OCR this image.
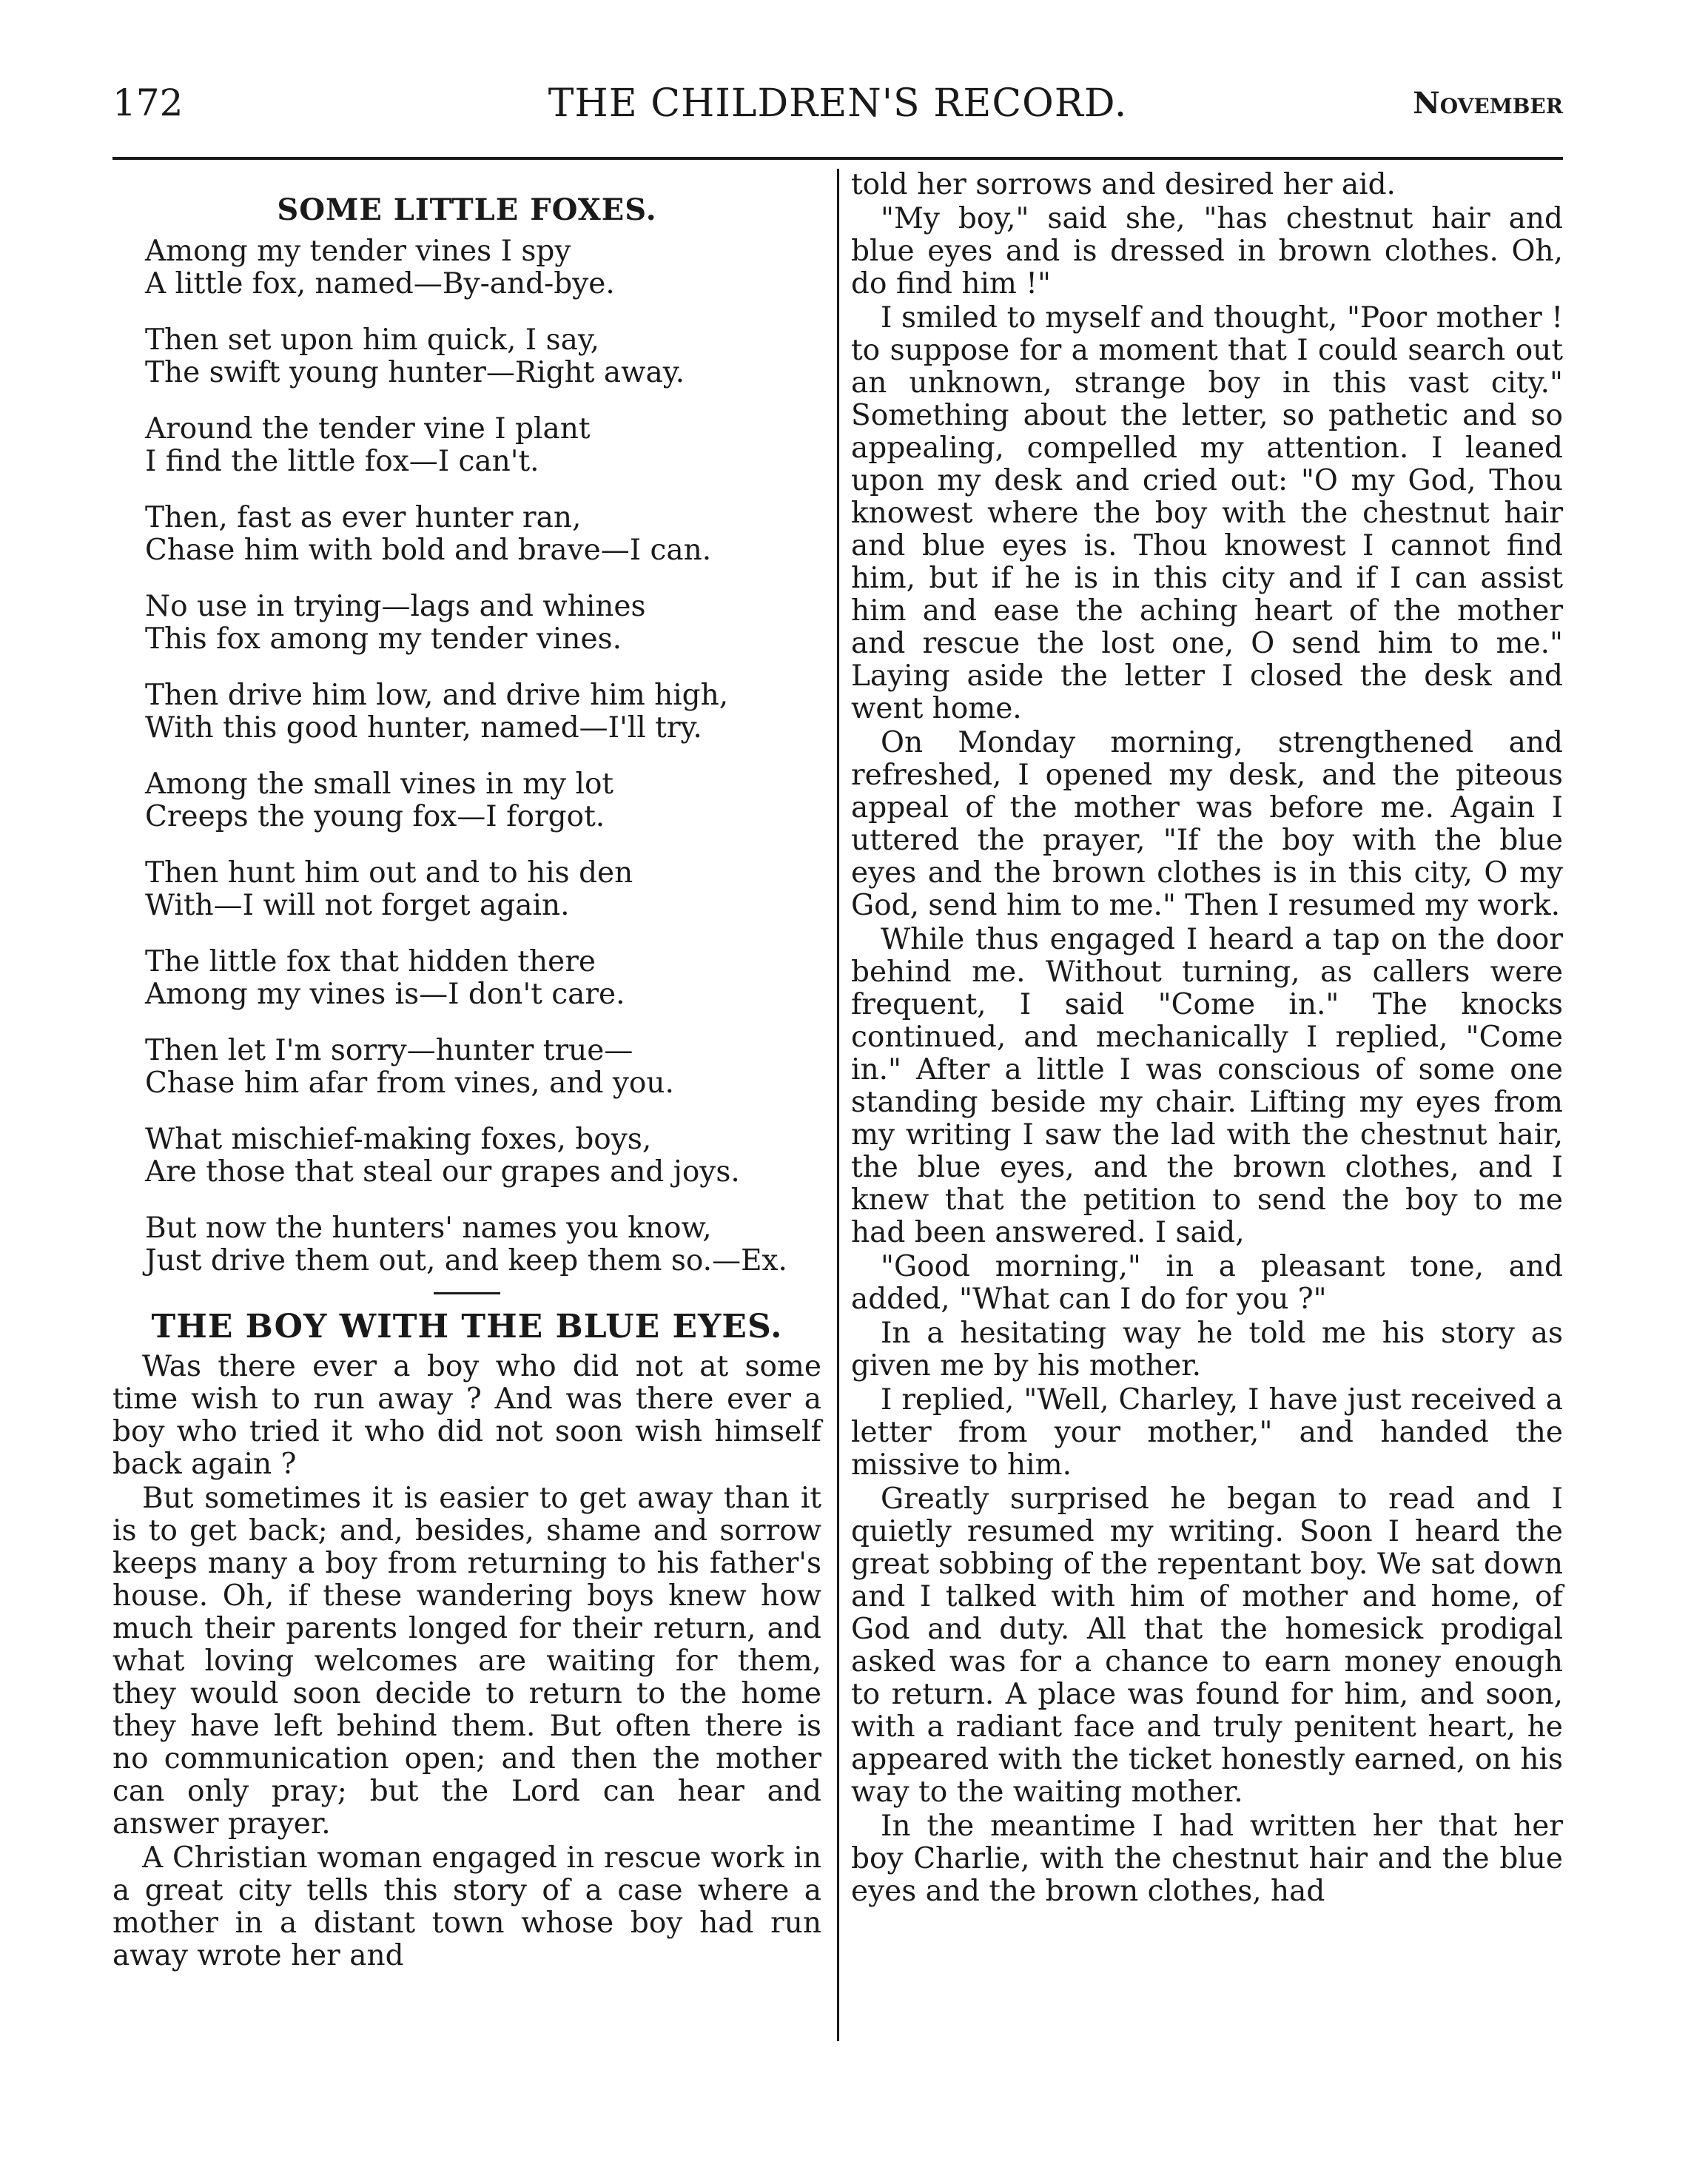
172	THE CHILDREN'S RECORD.	November
SOME LITTLE FOXES.
Among my tender vines I spy
A little fox, named—By-and-bye.
Then set upon him quick, I say,
The swift young hunter—Right away.
Around the tender vine I plant
I find the little fox—I can't.
Then, fast as ever hunter ran,
Chase him with bold and brave—I can.
No use in trying—lags and whines
This fox among my tender vines.
Then drive him low, and drive him high,
With this good hunter, named—I'll try.
Among the small vines in my lot
Creeps the young fox—I forgot.
Then hunt him out and to his den
With—I will not forget again.
The little fox that hidden there
Among my vines is—I don't care.
Then let I'm sorry—hunter true—
Chase him afar from vines, and you.
What mischief-making foxes, boys,
Are those that steal our grapes and joys.
But now the hunters' names you know,
Just drive them out, and keep them so.—Ex.
THE BOY WITH THE BLUE EYES.

Was there ever a boy who did not at some time wish to run away ? And was there ever a boy who tried it who did not soon wish himself back again ?

But sometimes it is easier to get away than it is to get back; and, besides, shame and sorrow keeps many a boy from returning to his father's house. Oh, if these wandering boys knew how much their parents longed for their return, and what loving welcomes are waiting for them, they would soon decide to return to the home they have left behind them. But often there is no communication open; and then the mother can only pray; but the Lord can hear and answer prayer.

A Christian woman engaged in rescue work in a great city tells this story of a case where a mother in a distant town whose boy had run away wrote her and

told her sorrows and desired her aid.

"My boy," said she, "has chestnut hair and blue eyes and is dressed in brown clothes. Oh, do find him !"

I smiled to myself and thought, "Poor mother ! to suppose for a moment that I could search out an unknown, strange boy in this vast city." Something about the letter, so pathetic and so appealing, compelled my attention. I leaned upon my desk and cried out: "O my God, Thou knowest where the boy with the chestnut hair and blue eyes is. Thou knowest I cannot find him, but if he is in this city and if I can assist him and ease the aching heart of the mother and rescue the lost one, O send him to me." Laying aside the letter I closed the desk and went home.

On Monday morning, strengthened and refreshed, I opened my desk, and the piteous appeal of the mother was before me. Again I uttered the prayer, "If the boy with the blue eyes and the brown clothes is in this city, O my God, send him to me." Then I resumed my work.

While thus engaged I heard a tap on the door behind me. Without turning, as callers were frequent, I said "Come in." The knocks continued, and mechanically I replied, "Come in." After a little I was conscious of some one standing beside my chair. Lifting my eyes from my writing I saw the lad with the chestnut hair, the blue eyes, and the brown clothes, and I knew that the petition to send the boy to me had been answered. I said,

"Good morning," in a pleasant tone, and added, "What can I do for you ?"

In a hesitating way he told me his story as given me by his mother.

I replied, "Well, Charley, I have just received a letter from your mother," and handed the missive to him.

Greatly surprised he began to read and I quietly resumed my writing. Soon I heard the great sobbing of the repentant boy. We sat down and I talked with him of mother and home, of God and duty. All that the homesick prodigal asked was for a chance to earn money enough to return. A place was found for him, and soon, with a radiant face and truly penitent heart, he appeared with the ticket honestly earned, on his way to the waiting mother.

In the meantime I had written her that her boy Charlie, with the chestnut hair and the blue eyes and the brown clothes, had
